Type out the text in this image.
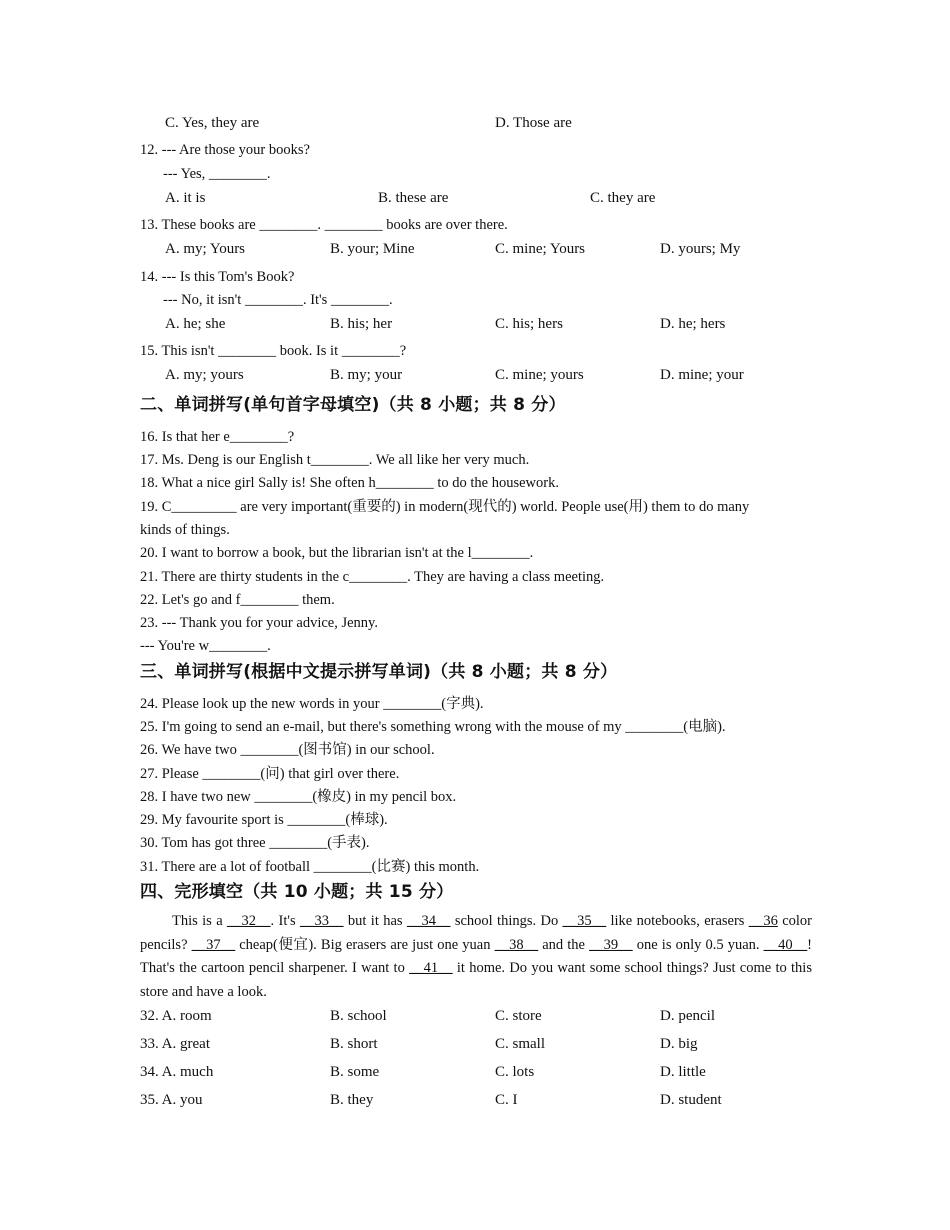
C. Yes, they are	D. Those are
12. --- Are those your books?
--- Yes, ________.
A. it is	B. these are	C. they are
13. These books are ________. ________ books are over there.
A. my; Yours	B. your; Mine	C. mine; Yours	D. yours; My
14. --- Is this Tom's Book?
--- No, it isn't ________. It's ________.
A. he; she	B. his; her	C. his; hers	D. he; hers
15. This isn't ________ book. Is it ________?
A. my; yours	B. my; your	C. mine; yours	D. mine; your
二、单词拼写(单句首字母填空)（共 8 小题；共 8 分）
16. Is that her e________?
17. Ms. Deng is our English t________. We all like her very much.
18. What a nice girl Sally is! She often h________ to do the housework.
19. C_________ are very important(重要的) in modern(现代的) world. People use(用) them to do many
kinds of things.
20. I want to borrow a book, but the librarian isn't at the l________.
21. There are thirty students in the c________. They are having a class meeting.
22. Let's go and f________ them.
23. --- Thank you for your advice, Jenny.
--- You're w________.
三、单词拼写(根据中文提示拼写单词)（共 8 小题；共 8 分）
24. Please look up the new words in your ________(字典).
25. I'm going to send an e-mail, but there's something wrong with the mouse of my ________(电脑).
26. We have two ________(图书馆) in our school.
27. Please ________(问) that girl over there.
28. I have two new ________(橡皮) in my pencil box.
29. My favourite sport is ________(棒球).
30. Tom has got three ________(手表).
31. There are a lot of football ________(比赛) this month.
四、完形填空（共 10 小题；共 15 分）
This is a __32__. It's __33__ but it has __34__ school things. Do __35__ like notebooks, erasers __36 color pencils? __37__ cheap(便宜). Big erasers are just one yuan __38__ and the __39__ one is only 0.5 yuan. __40__! That's the cartoon pencil sharpener. I want to __41__ it home. Do you want some school things? Just come to this store and have a look.
32. A. room	B. school	C. store	D. pencil
33. A. great	B. short	C. small	D. big
34. A. much	B. some	C. lots	D. little
35. A. you	B. they	C. I	D. student
